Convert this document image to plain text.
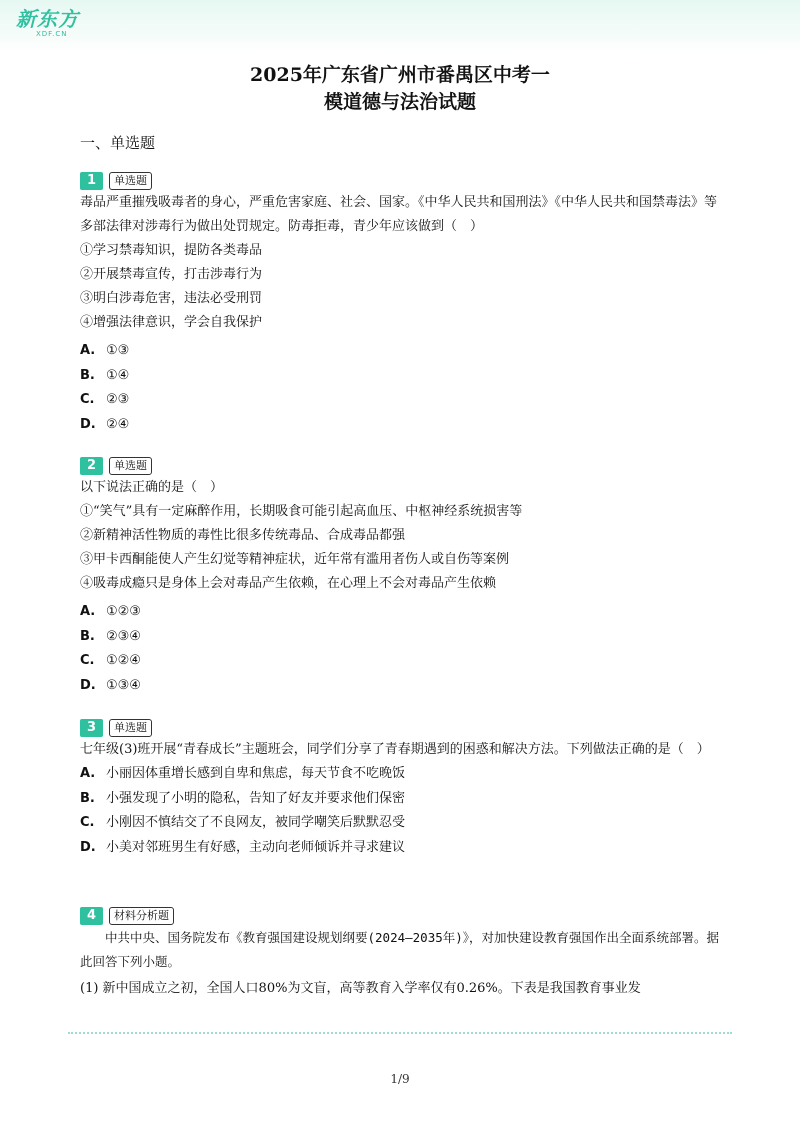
新东方
XDF.CN
2025年广东省广州市番禺区中考一
模道德与法治试题
一、单选题
1	单选题
毒品严重摧残吸毒者的身心，严重危害家庭、社会、国家。《中华人民共和国刑法》《中华人民共和国禁毒法》等多部法律对涉毒行为做出处罚规定。防毒拒毒，青少年应该做到（　）
①学习禁毒知识，提防各类毒品
②开展禁毒宣传，打击涉毒行为
③明白涉毒危害，违法必受刑罚
④增强法律意识，学会自我保护
A. ①③
B. ①④
C. ②③
D. ②④
2	单选题
以下说法正确的是（　）
①“笑气”具有一定麻醉作用，长期吸食可能引起高血压、中枢神经系统损害等
②新精神活性物质的毒性比很多传统毒品、合成毒品都强
③甲卡西酮能使人产生幻觉等精神症状，近年常有滥用者伤人或自伤等案例
④吸毒成瘾只是身体上会对毒品产生依赖，在心理上不会对毒品产生依赖
A. ①②③
B. ②③④
C. ①②④
D. ①③④
3	单选题
七年级(3)班开展“青春成长”主题班会，同学们分享了青春期遇到的困惑和解决方法。下列做法正确的是（　）
A. 小丽因体重增长感到自卑和焦虑，每天节食不吃晚饭
B. 小强发现了小明的隐私，告知了好友并要求他们保密
C. 小刚因不慎结交了不良网友，被同学嘲笑后默默忍受
D. 小美对邻班男生有好感，主动向老师倾诉并寻求建议
4	材料分析题
中共中央、国务院发布《教育强国建设规划纲要(2024—2035年)》，对加快建设教育强国作出全面系统部署。据此回答下列小题。
(1) 新中国成立之初，全国人口80%为文盲，高等教育入学率仅有0.26%。下表是我国教育事业发
1/9
